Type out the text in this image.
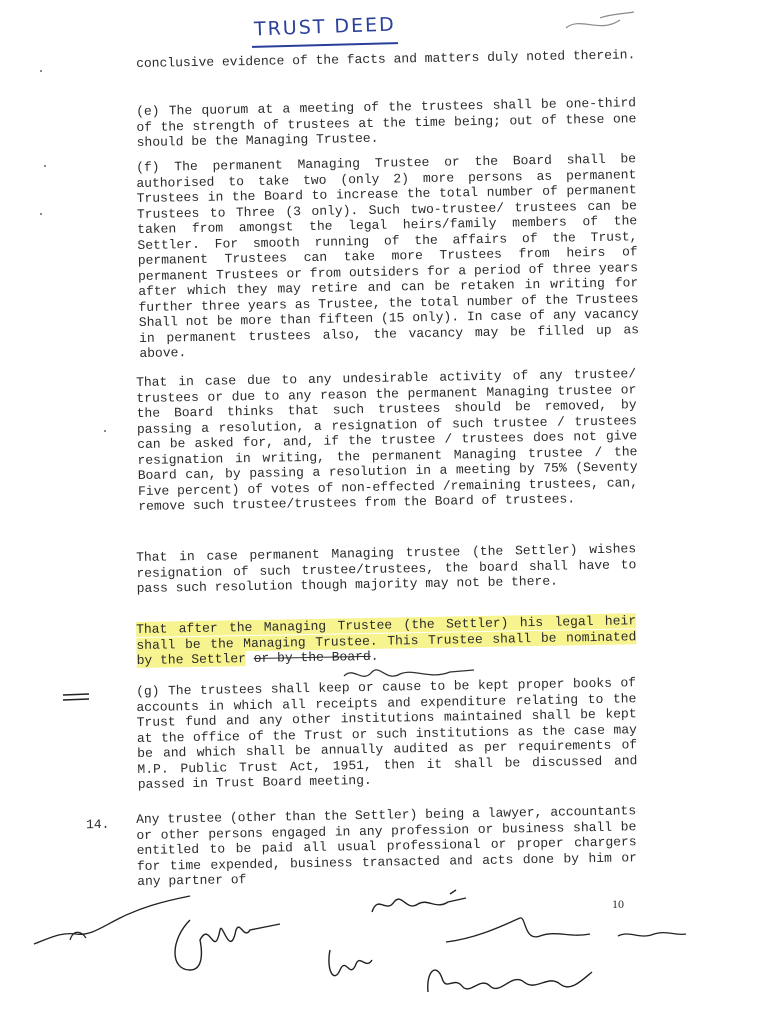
TRUST DEED

conclusive evidence of the facts and matters duly noted therein.

(e) The quorum at a meeting of the trustees shall be one-third of the strength of trustees at the time being; out of these one should be the Managing Trustee.

(f) The permanent Managing Trustee or the Board shall be authorised to take two (only 2) more persons as permanent Trustees in the Board to increase the total number of permanent Trustees to Three (3 only). Such two-trustee/ trustees can be taken from amongst the legal heirs/family members of the Settler. For smooth running of the affairs of the Trust, permanent Trustees can take more Trustees from heirs of permanent Trustees or from outsiders for a period of three years after which they may retire and can be retaken in writing for further three years as Trustee, the total number of the Trustees Shall not be more than fifteen (15 only). In case of any vacancy in permanent trustees also, the vacancy may be filled up as above.

That in case due to any undesirable activity of any trustee/ trustees or due to any reason the permanent Managing trustee or the Board thinks that such trustees should be removed, by passing a resolution, a resignation of such trustee / trustees can be asked for, and, if the trustee / trustees does not give resignation in writing, the permanent Managing trustee / the Board can, by passing a resolution in a meeting by 75% (Seventy Five percent) of votes of non-effected /remaining trustees, can, remove such trustee/trustees from the Board of trustees.

That in case permanent Managing trustee (the Settler) wishes resignation of such trustee/trustees, the board shall have to pass such resolution though majority may not be there.

That after the Managing Trustee (the Settler) his legal heir shall be the Managing Trustee. This Trustee shall be nominated by the Settler or by the Board.

(g) The trustees shall keep or cause to be kept proper books of accounts in which all receipts and expenditure relating to the Trust fund and any other institutions maintained shall be kept at the office of the Trust or such institutions as the case may be and which shall be annually audited as per requirements of M.P. Public Trust Act, 1951, then it shall be discussed and passed in Trust Board meeting.

14. Any trustee (other than the Settler) being a lawyer, accountants or other persons engaged in any profession or business shall be entitled to be paid all usual professional or proper chargers for time expended, business transacted and acts done by him or any partner of

10
